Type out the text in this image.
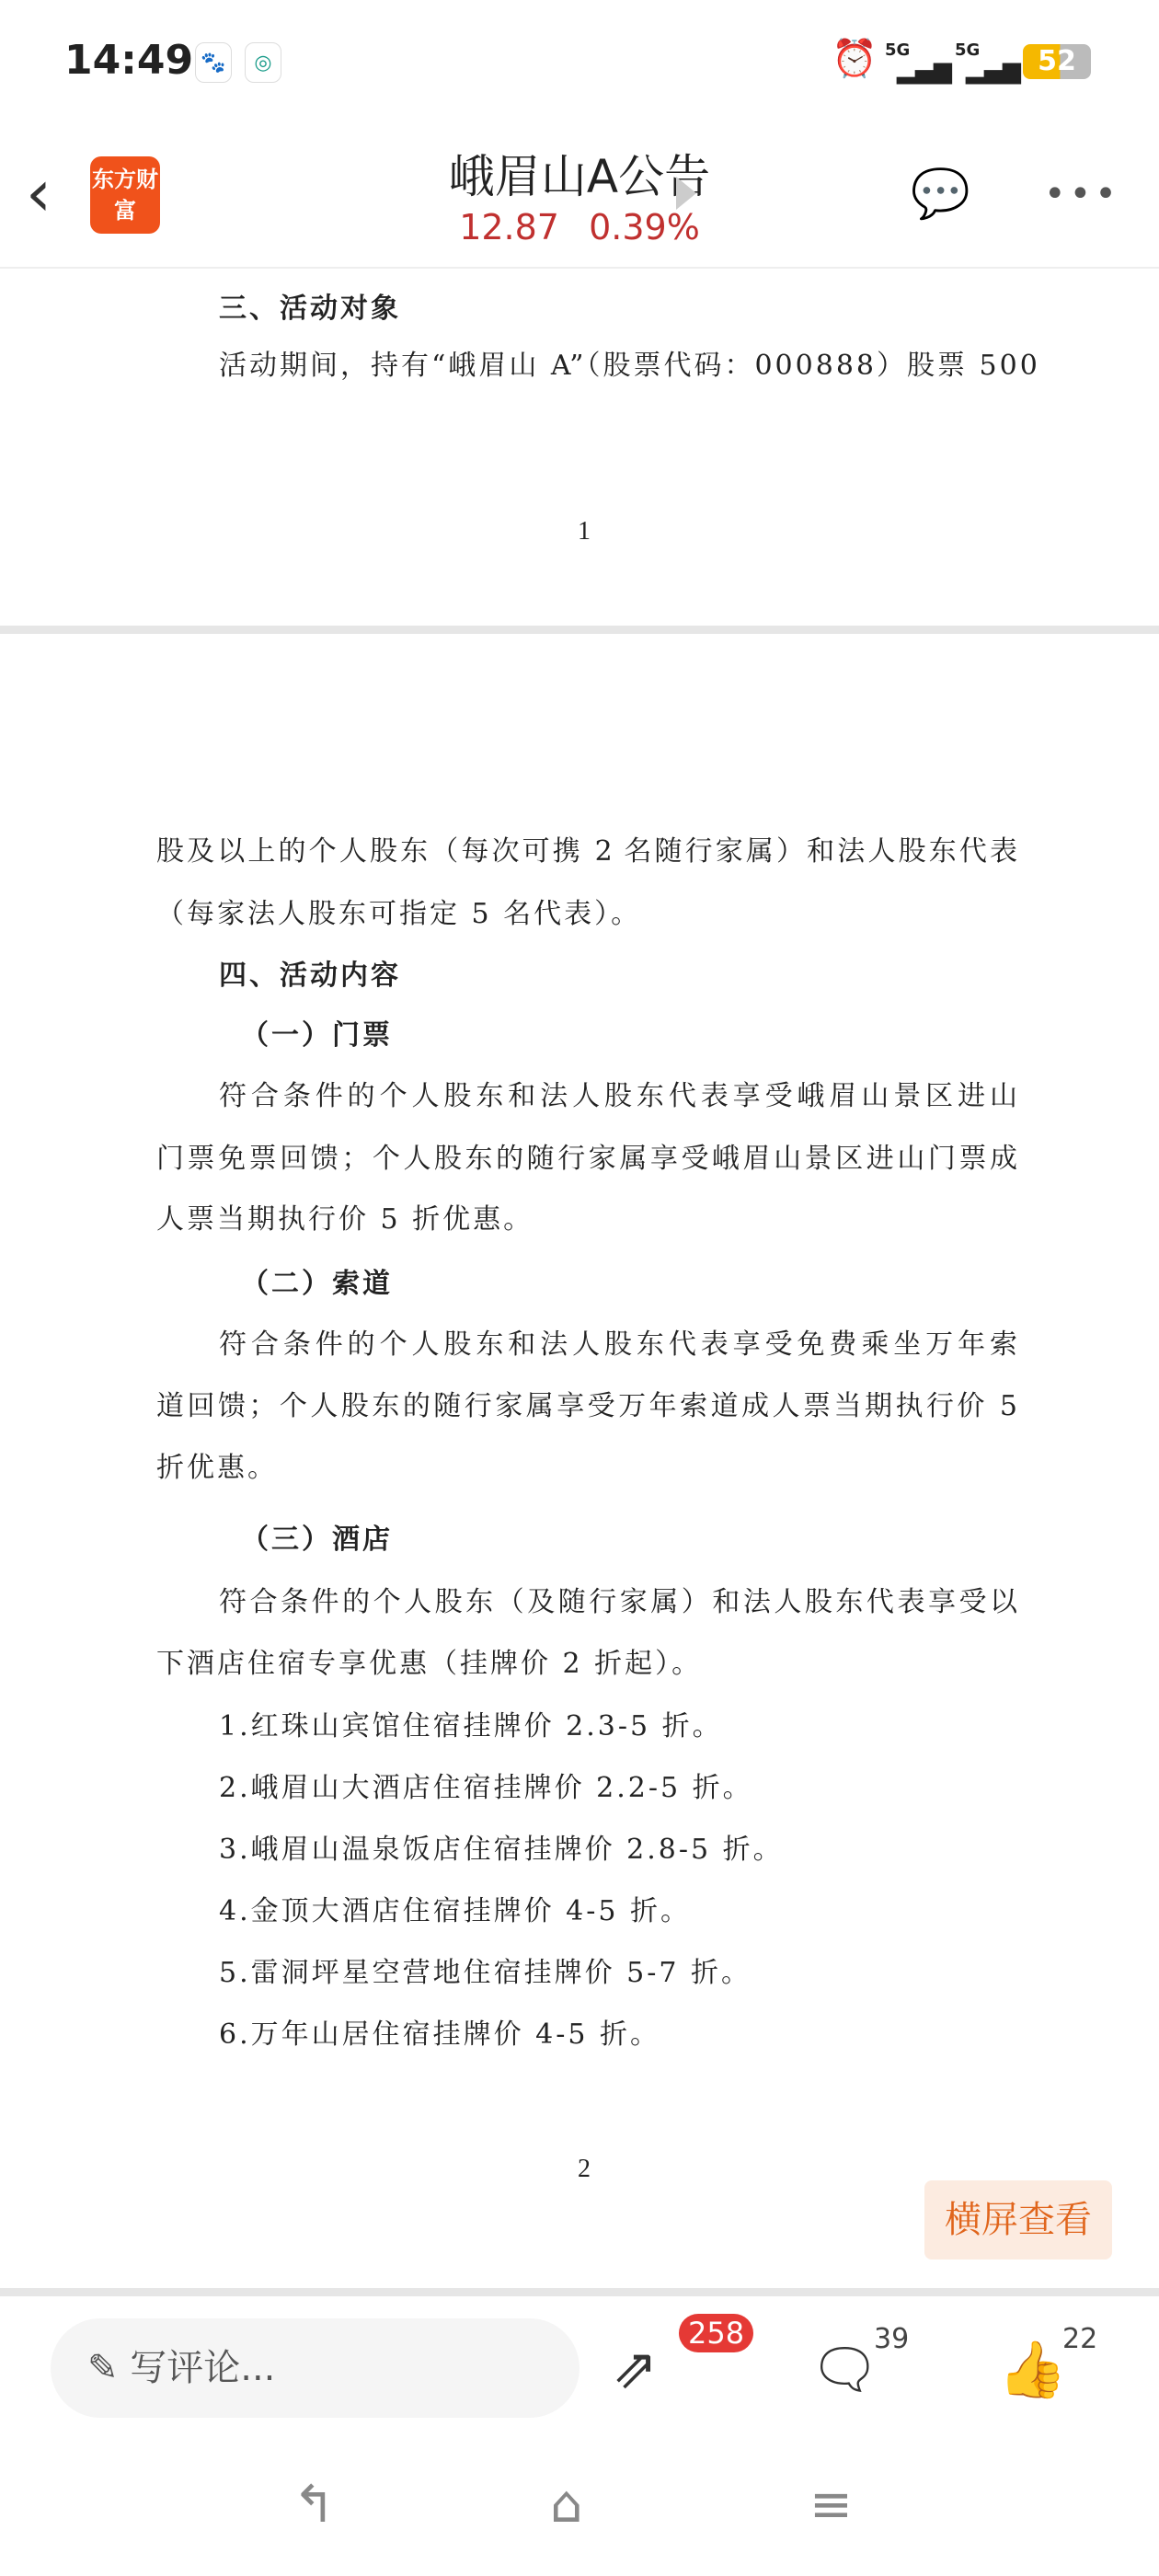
14:49 🐾	◎	⏰ 5G
▂▄▆
5G
▂▄▆ 52
‹ 东方财富
峨眉山A公告
12.87 0.39%
💬 •••
三、活动对象
活动期间，持有“峨眉山 A”（股票代码：000888）股票 500
1
股及以上的个人股东（每次可携 2 名随行家属）和法人股东代表
（每家法人股东可指定 5 名代表）。
四、活动内容
（一）门票
符合条件的个人股东和法人股东代表享受峨眉山景区进山
门票免票回馈；个人股东的随行家属享受峨眉山景区进山门票成
人票当期执行价 5 折优惠。
（二）索道
符合条件的个人股东和法人股东代表享受免费乘坐万年索
道回馈；个人股东的随行家属享受万年索道成人票当期执行价 5
折优惠。
（三）酒店
符合条件的个人股东（及随行家属）和法人股东代表享受以
下酒店住宿专享优惠（挂牌价 2 折起）。
1.红珠山宾馆住宿挂牌价 2.3-5 折。
2.峨眉山大酒店住宿挂牌价 2.2-5 折。
3.峨眉山温泉饭店住宿挂牌价 2.8-5 折。
4.金顶大酒店住宿挂牌价 4-5 折。
5.雷洞坪星空营地住宿挂牌价 5-7 折。
6.万年山居住宿挂牌价 4-5 折。
2
横屏查看
✎ 写评论...	⇗
258
🗨
39 👍
22
↰	⌂	≡
